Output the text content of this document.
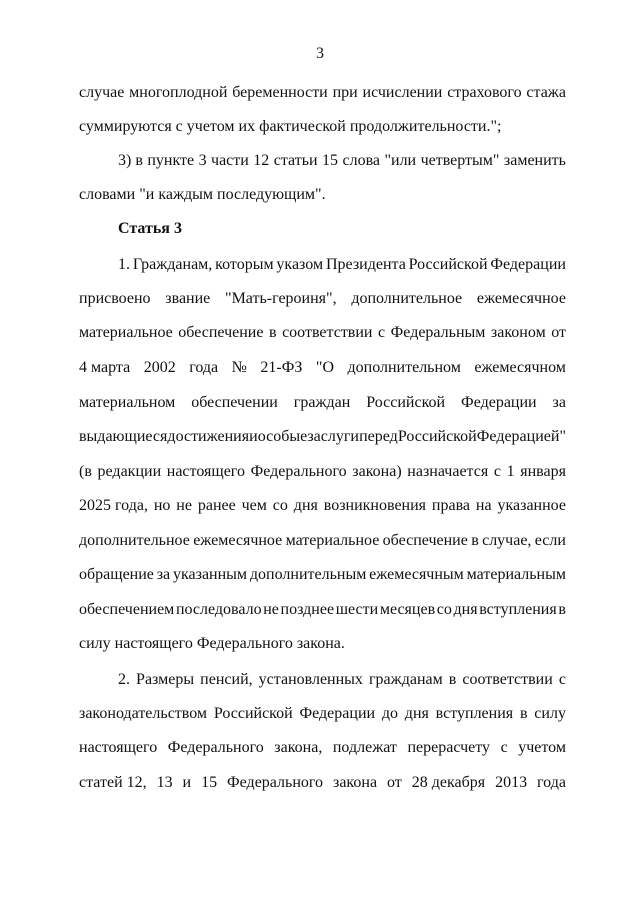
3
случае многоплодной беременности при исчислении страхового стажа
суммируются с учетом их фактической продолжительности.";
3) в пункте 3 части 12 статьи 15 слова "или четвертым" заменить
словами "и каждым последующим".
Статья 3
1. Гражданам, которым указом Президента Российской Федерации
присвоено звание "Мать-героиня", дополнительное ежемесячное
материальное обеспечение в соответствии с Федеральным законом от
4 марта 2002 года № 21-ФЗ "О дополнительном ежемесячном
материальном обеспечении граждан Российской Федерации за
выдающиеся достижения и особые заслуги перед Российской Федерацией"
(в редакции настоящего Федерального закона) назначается с 1 января
2025 года, но не ранее чем со дня возникновения права на указанное
дополнительное ежемесячное материальное обеспечение в случае, если
обращение за указанным дополнительным ежемесячным материальным
обеспечением последовало не позднее шести месяцев со дня вступления в
силу настоящего Федерального закона.
2. Размеры пенсий, установленных гражданам в соответствии с
законодательством Российской Федерации до дня вступления в силу
настоящего Федерального закона, подлежат перерасчету с учетом
статей 12, 13 и 15 Федерального закона от 28 декабря 2013 года
